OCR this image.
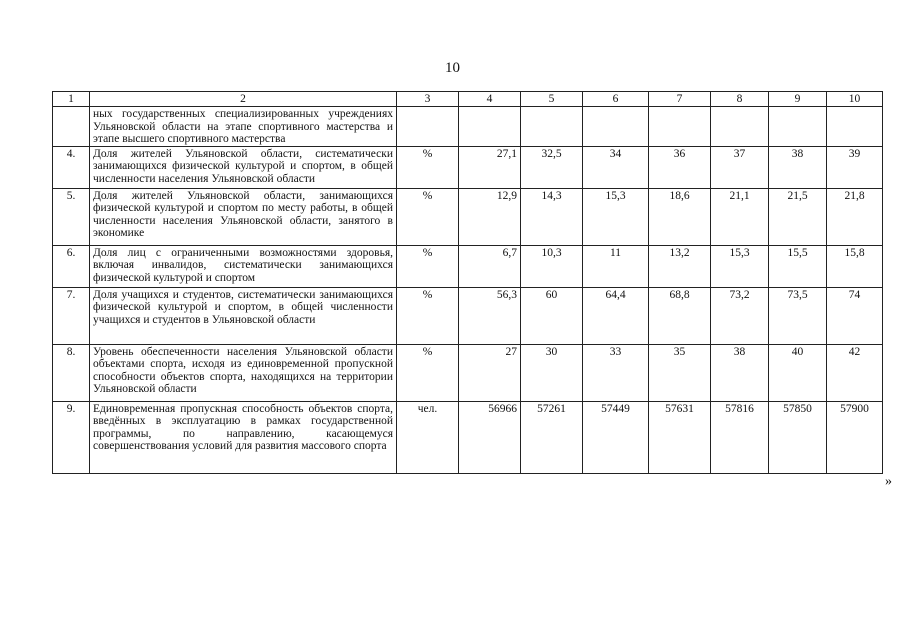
10
1	2	3	4	5	6	7	8	9	10
	ных государственных специализированных учреждениях Ульяновской области на этапе спортивного мастерства и этапе высшего спортивного мастерства								
4.	Доля жителей Ульяновской области, систематически занимающихся физической культурой и спортом, в общей численности населения Ульяновской области	%	27,1	32,5	34	36	37	38	39
5.	Доля жителей Ульяновской области, занимающихся физической культурой и спортом по месту работы, в общей численности населения Ульяновской области, занятого в экономике	%	12,9	14,3	15,3	18,6	21,1	21,5	21,8
6.	Доля лиц с ограниченными возможностями здоровья, включая инвалидов, систематически занимающихся физической культурой и спортом	%	6,7	10,3	11	13,2	15,3	15,5	15,8
7.	Доля учащихся и студентов, систематически занимающихся физической культурой и спортом, в общей численности учащихся и студентов в Ульяновской области	%	56,3	60	64,4	68,8	73,2	73,5	74
8.	Уровень обеспеченности населения Ульяновской области объектами спорта, исходя из единовременной пропускной способности объектов спорта, находящихся на территории Ульяновской области	%	27	30	33	35	38	40	42
9.	Единовременная пропускная способность объектов спорта, введённых в эксплуатацию в рамках государственной программы, по направлению, касающемуся совершенствования условий для развития массового спорта	чел.	56966	57261	57449	57631	57816	57850	57900
»
